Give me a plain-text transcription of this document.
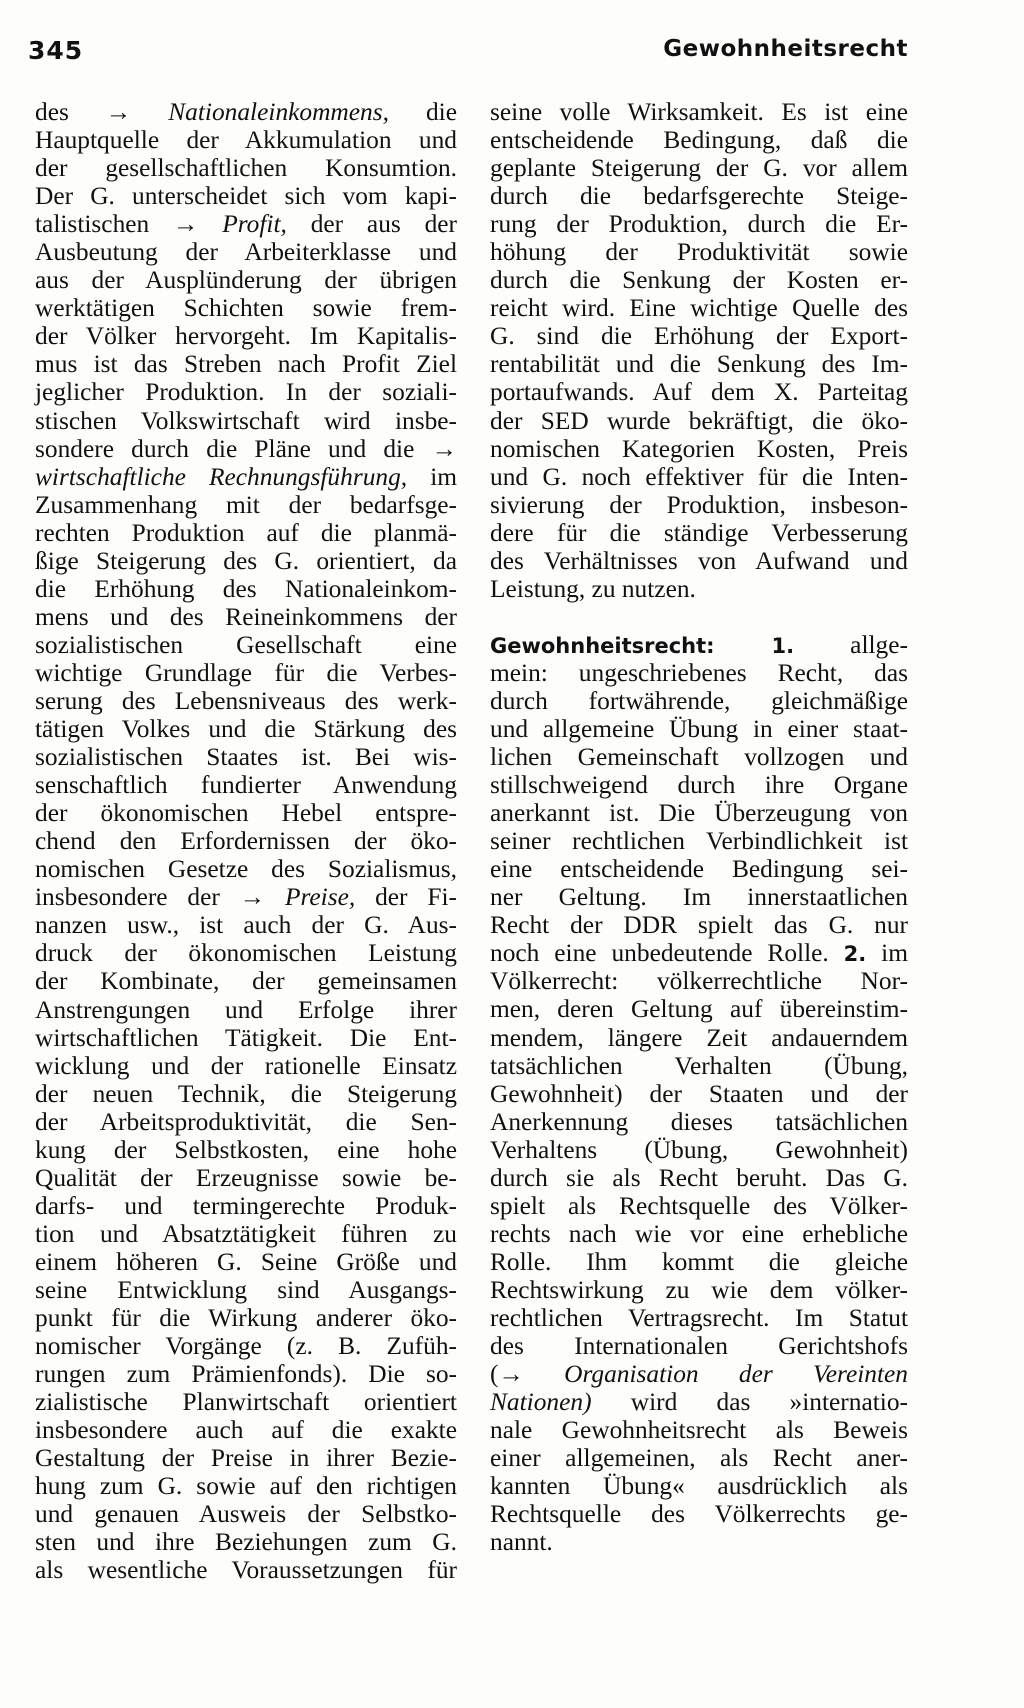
345	Gewohnheitsrecht
des → Nationaleinkommens, die
Hauptquelle der Akkumulation und
der gesellschaftlichen Konsumtion.
Der G. unterscheidet sich vom kapi-
talistischen → Profit, der aus der
Ausbeutung der Arbeiterklasse und
aus der Ausplünderung der übrigen
werktätigen Schichten sowie frem-
der Völker hervorgeht. Im Kapitalis-
mus ist das Streben nach Profit Ziel
jeglicher Produktion. In der soziali-
stischen Volkswirtschaft wird insbe-
sondere durch die Pläne und die →
wirtschaftliche Rechnungsführung, im
Zusammenhang mit der bedarfsge-
rechten Produktion auf die planmä-
ßige Steigerung des G. orientiert, da
die Erhöhung des Nationaleinkom-
mens und des Reineinkommens der
sozialistischen Gesellschaft eine
wichtige Grundlage für die Verbes-
serung des Lebensniveaus des werk-
tätigen Volkes und die Stärkung des
sozialistischen Staates ist. Bei wis-
senschaftlich fundierter Anwendung
der ökonomischen Hebel entspre-
chend den Erfordernissen der öko-
nomischen Gesetze des Sozialismus,
insbesondere der → Preise, der Fi-
nanzen usw., ist auch der G. Aus-
druck der ökonomischen Leistung
der Kombinate, der gemeinsamen
Anstrengungen und Erfolge ihrer
wirtschaftlichen Tätigkeit. Die Ent-
wicklung und der rationelle Einsatz
der neuen Technik, die Steigerung
der Arbeitsproduktivität, die Sen-
kung der Selbstkosten, eine hohe
Qualität der Erzeugnisse sowie be-
darfs- und termingerechte Produk-
tion und Absatztätigkeit führen zu
einem höheren G. Seine Größe und
seine Entwicklung sind Ausgangs-
punkt für die Wirkung anderer öko-
nomischer Vorgänge (z. B. Zufüh-
rungen zum Prämienfonds). Die so-
zialistische Planwirtschaft orientiert
insbesondere auch auf die exakte
Gestaltung der Preise in ihrer Bezie-
hung zum G. sowie auf den richtigen
und genauen Ausweis der Selbstko-
sten und ihre Beziehungen zum G.
als wesentliche Voraussetzungen für
seine volle Wirksamkeit. Es ist eine
entscheidende Bedingung, daß die
geplante Steigerung der G. vor allem
durch die bedarfsgerechte Steige-
rung der Produktion, durch die Er-
höhung der Produktivität sowie
durch die Senkung der Kosten er-
reicht wird. Eine wichtige Quelle des
G. sind die Erhöhung der Export-
rentabilität und die Senkung des Im-
portaufwands. Auf dem X. Parteitag
der SED wurde bekräftigt, die öko-
nomischen Kategorien Kosten, Preis
und G. noch effektiver für die Inten-
sivierung der Produktion, insbeson-
dere für die ständige Verbesserung
des Verhältnisses von Aufwand und
Leistung, zu nutzen.
Gewohnheitsrecht: 1. allge-
mein: ungeschriebenes Recht, das
durch fortwährende, gleichmäßige
und allgemeine Übung in einer staat-
lichen Gemeinschaft vollzogen und
stillschweigend durch ihre Organe
anerkannt ist. Die Überzeugung von
seiner rechtlichen Verbindlichkeit ist
eine entscheidende Bedingung sei-
ner Geltung. Im innerstaatlichen
Recht der DDR spielt das G. nur
noch eine unbedeutende Rolle. 2. im
Völkerrecht: völkerrechtliche Nor-
men, deren Geltung auf übereinstim-
mendem, längere Zeit andauerndem
tatsächlichen Verhalten (Übung,
Gewohnheit) der Staaten und der
Anerkennung dieses tatsächlichen
Verhaltens (Übung, Gewohnheit)
durch sie als Recht beruht. Das G.
spielt als Rechtsquelle des Völker-
rechts nach wie vor eine erhebliche
Rolle. Ihm kommt die gleiche
Rechtswirkung zu wie dem völker-
rechtlichen Vertragsrecht. Im Statut
des Internationalen Gerichtshofs
(→ Organisation der Vereinten
Nationen) wird das »internatio-
nale Gewohnheitsrecht als Beweis
einer allgemeinen, als Recht aner-
kannten Übung« ausdrücklich als
Rechtsquelle des Völkerrechts ge-
nannt.
